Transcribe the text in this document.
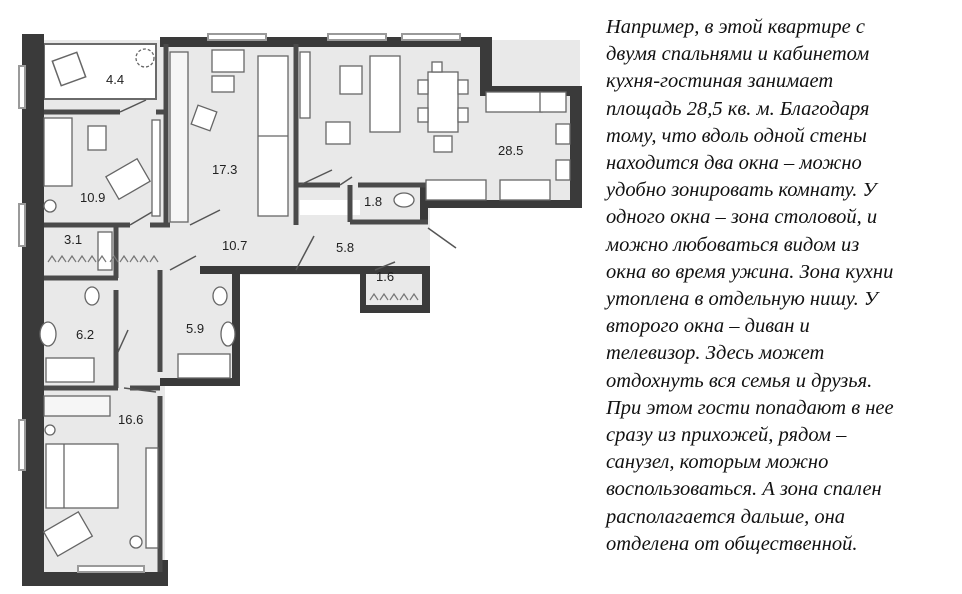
4.4
10.9
17.3
28.5
1.8
10.7	5.8
3.1
1.6
6.2	5.9
16.6
Например, в этой квартире с
двумя спальнями и кабинетом
кухня-гостиная занимает
площадь 28,5 кв. м. Благодаря
тому, что вдоль одной стены
находится два окна – можно
удобно зонировать комнату. У
одного окна – зона столовой, и
можно любоваться видом из
окна во время ужина. Зона кухни
утоплена в отдельную нишу. У
второго окна – диван и
телевизор. Здесь может
отдохнуть вся семья и друзья.
При этом гости попадают в нее
сразу из прихожей, рядом –
санузел, которым можно
воспользоваться. А зона спален
располагается дальше, она
отделена от общественной.
